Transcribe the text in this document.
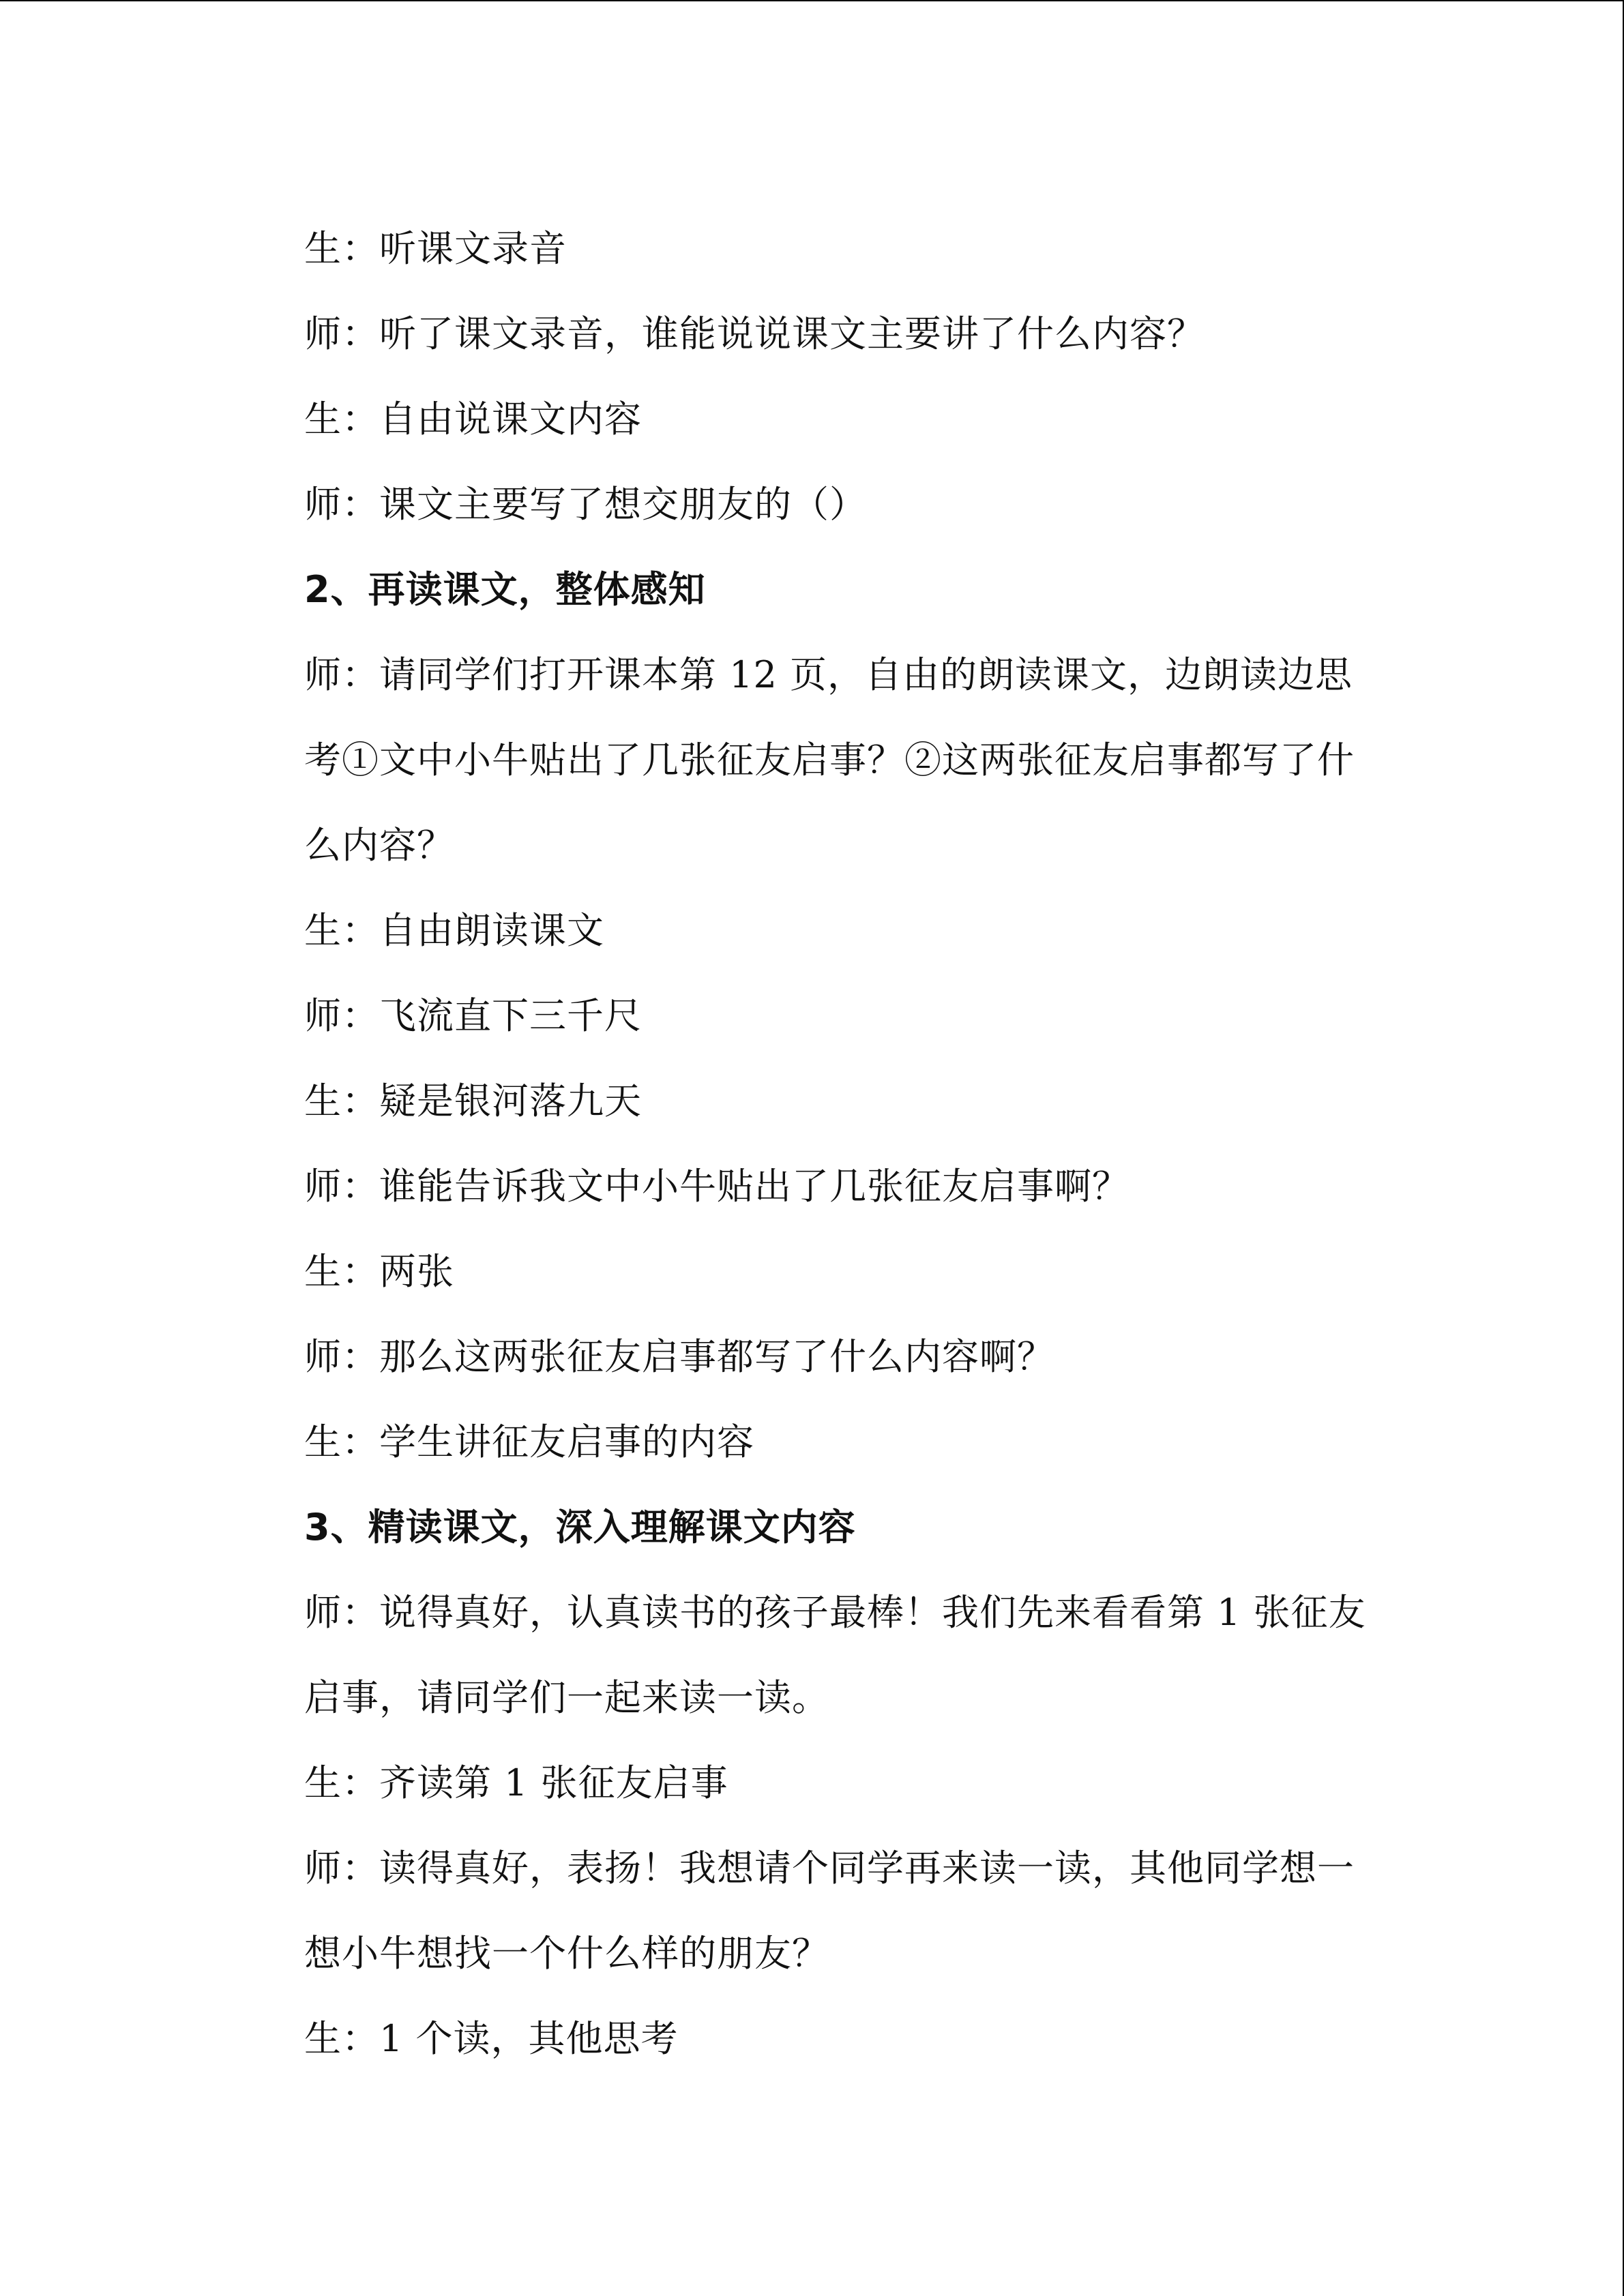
生：听课文录音
师：听了课文录音，谁能说说课文主要讲了什么内容？
生：自由说课文内容
师：课文主要写了想交朋友的（）
2、再读课文，整体感知
师：请同学们打开课本第 12 页，自由的朗读课文，边朗读边思
考①文中小牛贴出了几张征友启事？②这两张征友启事都写了什
么内容？
生：自由朗读课文
师：飞流直下三千尺
生：疑是银河落九天
师：谁能告诉我文中小牛贴出了几张征友启事啊？
生：两张
师：那么这两张征友启事都写了什么内容啊？
生：学生讲征友启事的内容
3、精读课文，深入理解课文内容
师：说得真好，认真读书的孩子最棒！我们先来看看第 1 张征友
启事，请同学们一起来读一读。
生：齐读第 1 张征友启事
师：读得真好，表扬！我想请个同学再来读一读，其他同学想一
想小牛想找一个什么样的朋友？
生：1 个读，其他思考
